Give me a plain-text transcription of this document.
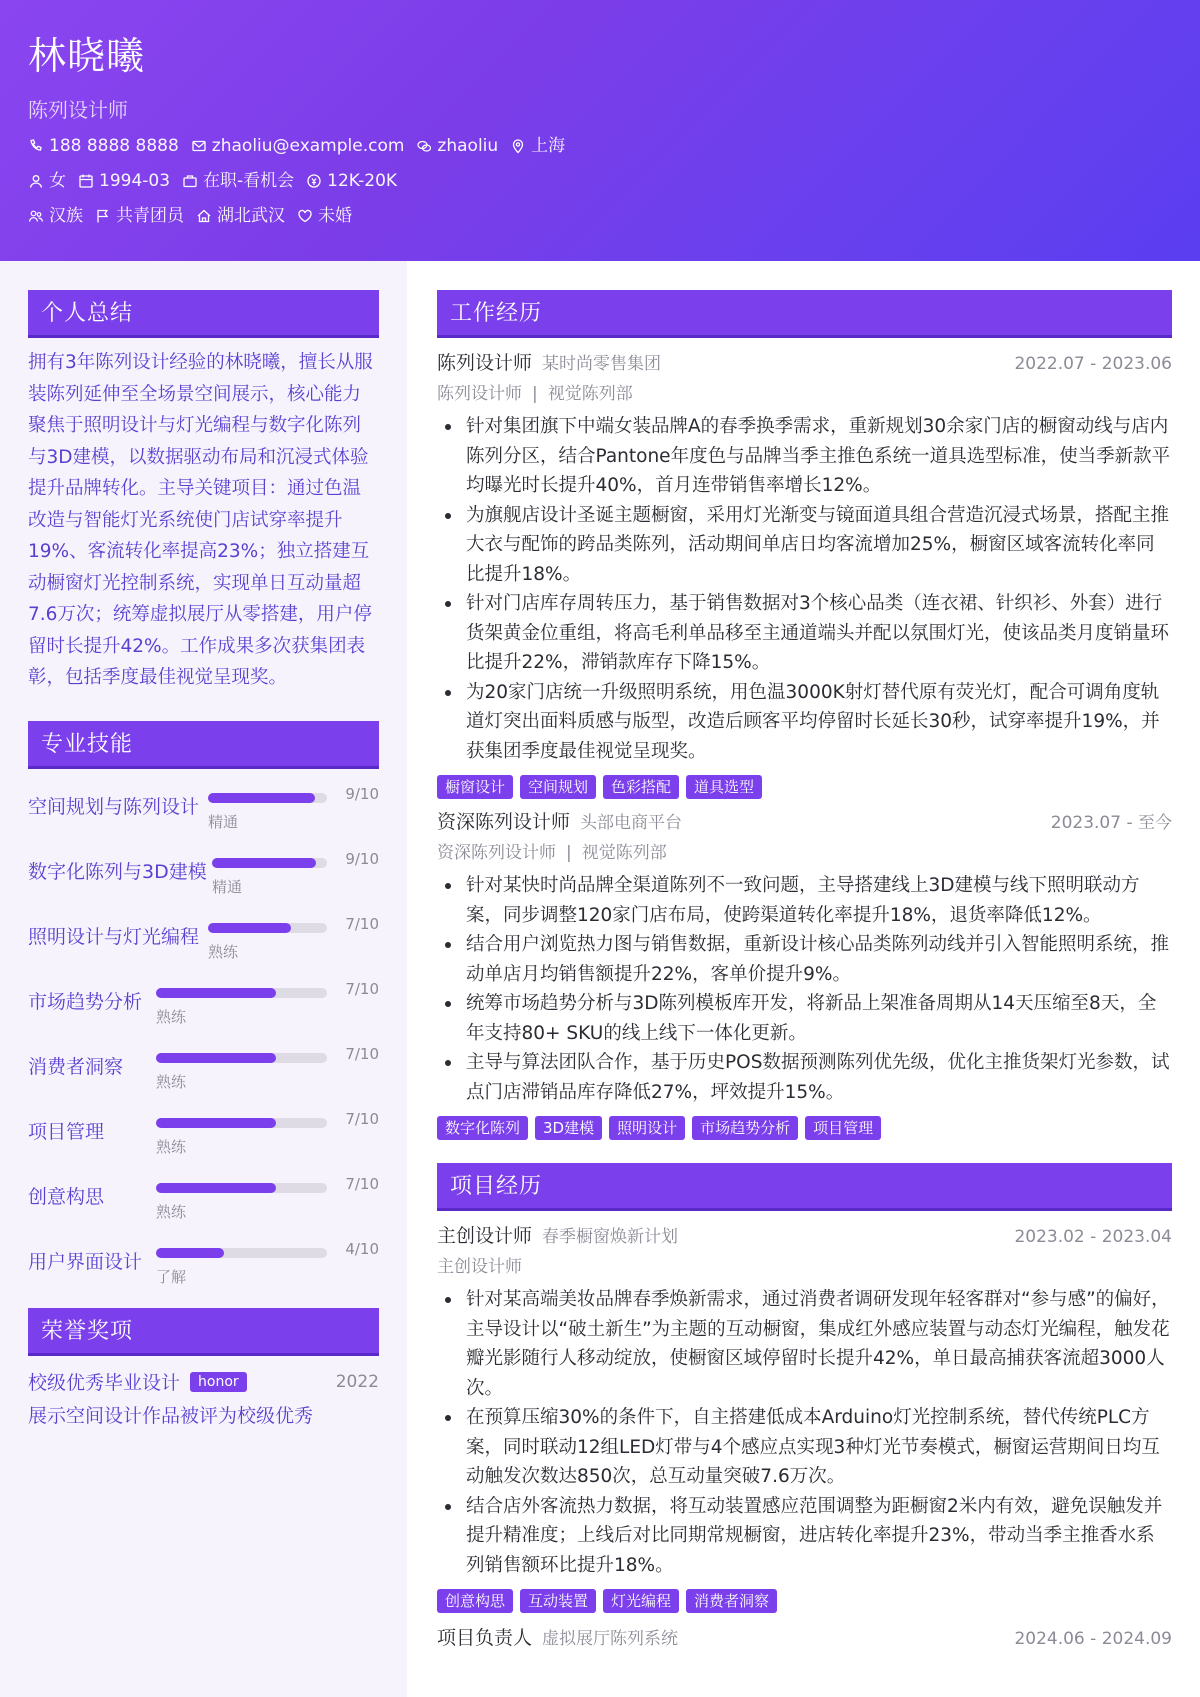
林晓曦
陈列设计师
188 8888 8888 zhaoliu@example.com zhaoliu 上海
女 1994-03 在职-看机会 12K-20K
汉族 共青团员 湖北武汉 未婚
个人总结
拥有3年陈列设计经验的林晓曦，擅长从服装陈列延伸至全场景空间展示，核心能力聚焦于照明设计与灯光编程与数字化陈列与3D建模，以数据驱动布局和沉浸式体验提升品牌转化。主导关键项目：通过色温改造与智能灯光系统使门店试穿率提升19%、客流转化率提高23%；独立搭建互动橱窗灯光控制系统，实现单日互动量超7.6万次；统筹虚拟展厅从零搭建，用户停留时长提升42%。工作成果多次获集团表彰，包括季度最佳视觉呈现奖。
专业技能
空间规划与陈列设计
9/10
精通
数字化陈列与3D建模
9/10
精通
照明设计与灯光编程
7/10
熟练
市场趋势分析
7/10
熟练
消费者洞察
7/10
熟练
项目管理
7/10
熟练
创意构思
7/10
熟练
用户界面设计
4/10
了解
荣誉奖项
校级优秀毕业设计	honor	2022
展示空间设计作品被评为校级优秀
工作经历
陈列设计师 某时尚零售集团	2022.07 - 2023.06
陈列设计师 | 视觉陈列部
针对集团旗下中端女装品牌A的春季换季需求，重新规划30余家门店的橱窗动线与店内陈列分区，结合Pantone年度色与品牌当季主推色系统一道具选型标准，使当季新款平均曝光时长提升40%，首月连带销售率增长12%。
为旗舰店设计圣诞主题橱窗，采用灯光渐变与镜面道具组合营造沉浸式场景，搭配主推大衣与配饰的跨品类陈列，活动期间单店日均客流增加25%，橱窗区域客流转化率同比提升18%。
针对门店库存周转压力，基于销售数据对3个核心品类（连衣裙、针织衫、外套）进行货架黄金位重组，将高毛利单品移至主通道端头并配以氛围灯光，使该品类月度销量环比提升22%，滞销款库存下降15%。
为20家门店统一升级照明系统，用色温3000K射灯替代原有荧光灯，配合可调角度轨道灯突出面料质感与版型，改造后顾客平均停留时长延长30秒，试穿率提升19%，并获集团季度最佳视觉呈现奖。
橱窗设计	空间规划	色彩搭配	道具选型
资深陈列设计师 头部电商平台	2023.07 - 至今
资深陈列设计师 | 视觉陈列部
针对某快时尚品牌全渠道陈列不一致问题，主导搭建线上3D建模与线下照明联动方案，同步调整120家门店布局，使跨渠道转化率提升18%，退货率降低12%。
结合用户浏览热力图与销售数据，重新设计核心品类陈列动线并引入智能照明系统，推动单店月均销售额提升22%，客单价提升9%。
统筹市场趋势分析与3D陈列模板库开发，将新品上架准备周期从14天压缩至8天，全年支持80+ SKU的线上线下一体化更新。
主导与算法团队合作，基于历史POS数据预测陈列优先级，优化主推货架灯光参数，试点门店滞销品库存降低27%，坪效提升15%。
数字化陈列	3D建模	照明设计	市场趋势分析	项目管理
项目经历
主创设计师 春季橱窗焕新计划	2023.02 - 2023.04
主创设计师
针对某高端美妆品牌春季焕新需求，通过消费者调研发现年轻客群对“参与感”的偏好，主导设计以“破土新生”为主题的互动橱窗，集成红外感应装置与动态灯光编程，触发花瓣光影随行人移动绽放，使橱窗区域停留时长提升42%，单日最高捕获客流超3000人次。
在预算压缩30%的条件下，自主搭建低成本Arduino灯光控制系统，替代传统PLC方案，同时联动12组LED灯带与4个感应点实现3种灯光节奏模式，橱窗运营期间日均互动触发次数达850次，总互动量突破7.6万次。
结合店外客流热力数据，将互动装置感应范围调整为距橱窗2米内有效，避免误触发并提升精准度；上线后对比同期常规橱窗，进店转化率提升23%，带动当季主推香水系列销售额环比提升18%。
创意构思	互动装置	灯光编程	消费者洞察
项目负责人 虚拟展厅陈列系统	2024.06 - 2024.09
